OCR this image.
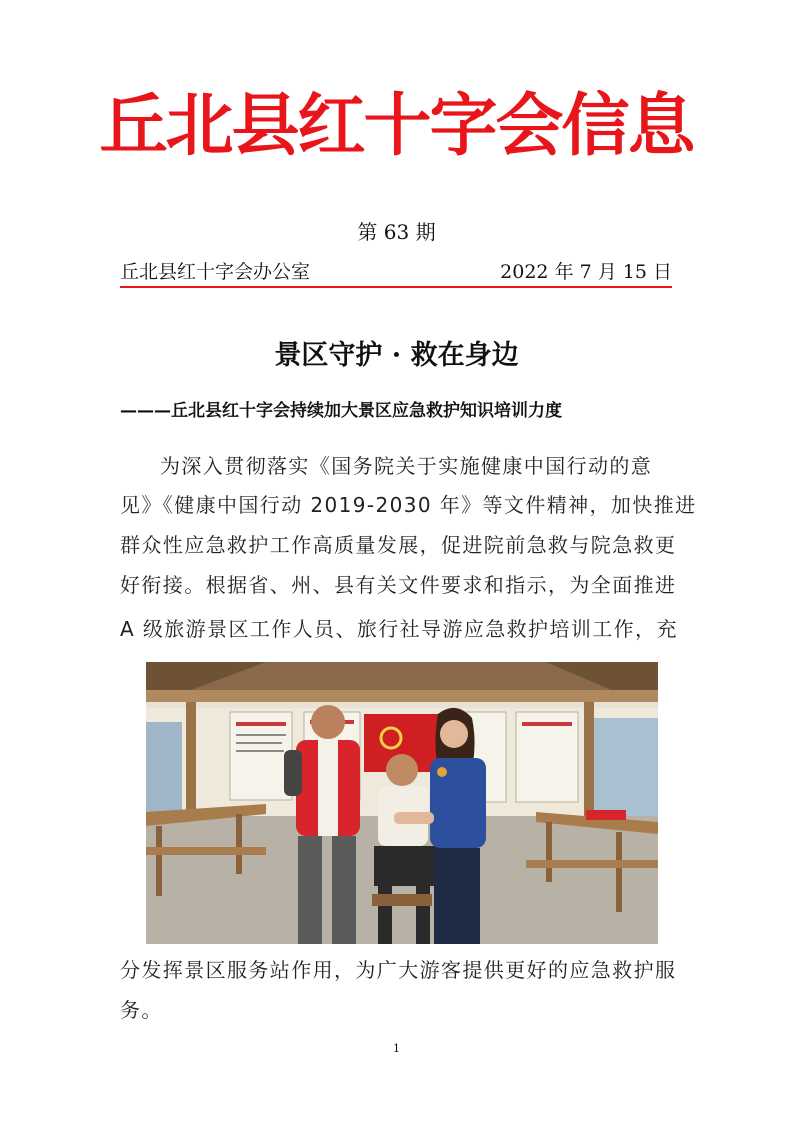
丘北县红十字会信息
第 63 期
丘北县红十字会办公室	2022 年 7 月 15 日
景区守护 · 救在身边
———丘北县红十字会持续加大景区应急救护知识培训力度
为深入贯彻落实《国务院关于实施健康中国行动的意
见》《健康中国行动 2019-2030 年》等文件精神，加快推进
群众性应急救护工作高质量发展，促进院前急救与院急救更
好衔接。根据省、州、县有关文件要求和指示，为全面推进
A 级旅游景区工作人员、旅行社导游应急救护培训工作，充
分发挥景区服务站作用，为广大游客提供更好的应急救护服
务。
1
